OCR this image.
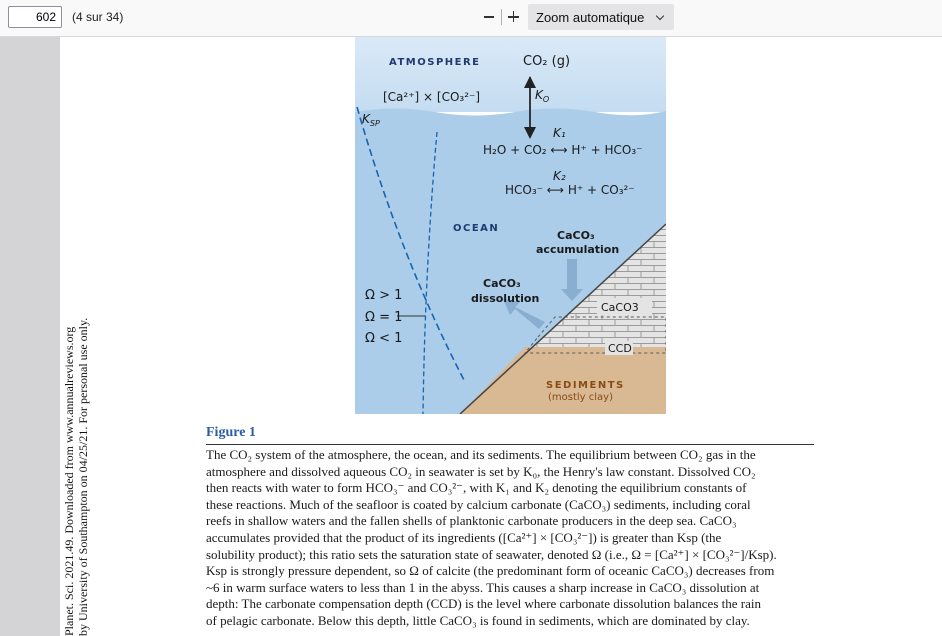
602	(4 sur 34)	Zoom automatique
Planet. Sci. 2021.49. Downloaded from www.annualreviews.org
by University of Southampton on 04/25/21. For personal use only.
ATMOSPHERE	CO₂ (g)
[Ca²⁺] × [CO₃²⁻]
$K_{SP}$
$K_O$
K₁
H₂O + CO₂ ⟷ H⁺ + HCO₃⁻
K₂
HCO₃⁻ ⟷ H⁺ + CO₃²⁻
OCEAN
CaCO₃
accumulation
CaCO₃
dissolution
CaCO3
CCD
Ω > 1
Ω = 1
Ω < 1
SEDIMENTS
(mostly clay)
Figure 1

The CO₂ system of the atmosphere, the ocean, and its sediments. The equilibrium between CO₂ gas in the

atmosphere and dissolved aqueous CO₂ in seawater is set by K₀, the Henry's law constant. Dissolved CO₂

then reacts with water to form HCO₃⁻ and CO₃²⁻, with K₁ and K₂ denoting the equilibrium constants of

these reactions. Much of the seafloor is coated by calcium carbonate (CaCO₃) sediments, including coral

reefs in shallow waters and the fallen shells of planktonic carbonate producers in the deep sea. CaCO₃

accumulates provided that the product of its ingredients ([Ca²⁺] × [CO₃²⁻]) is greater than Ksp (the

solubility product); this ratio sets the saturation state of seawater, denoted Ω (i.e., Ω = [Ca²⁺] × [CO₃²⁻]/Ksp).

Ksp is strongly pressure dependent, so Ω of calcite (the predominant form of oceanic CaCO₃) decreases from

~6 in warm surface waters to less than 1 in the abyss. This causes a sharp increase in CaCO₃ dissolution at

depth: The carbonate compensation depth (CCD) is the level where carbonate dissolution balances the rain

of pelagic carbonate. Below this depth, little CaCO₃ is found in sediments, which are dominated by clay.
